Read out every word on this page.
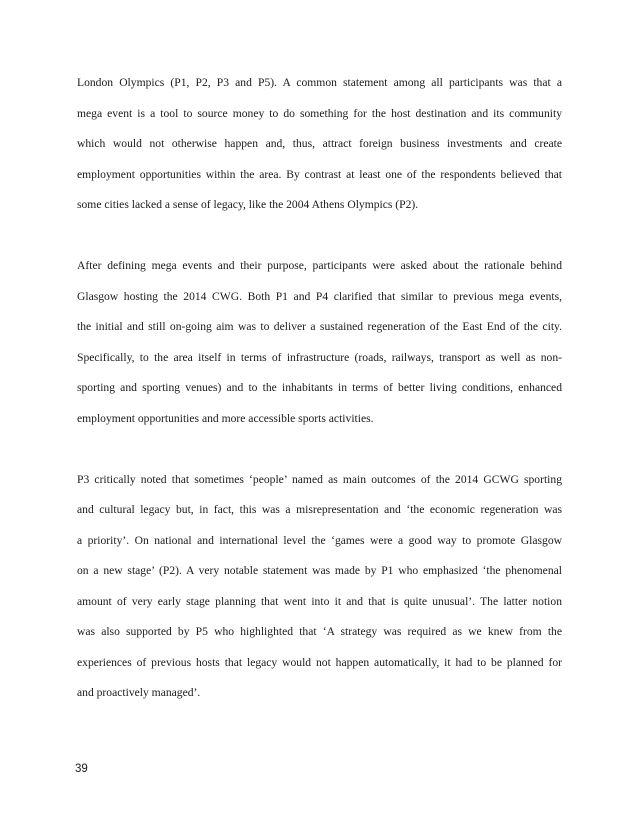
London Olympics (P1, P2, P3 and P5). A common statement among all participants was that a
mega event is a tool to source money to do something for the host destination and its community
which would not otherwise happen and, thus, attract foreign business investments and create
employment opportunities within the area. By contrast at least one of the respondents believed that
some cities lacked a sense of legacy, like the 2004 Athens Olympics (P2).
After defining mega events and their purpose, participants were asked about the rationale behind
Glasgow hosting the 2014 CWG. Both P1 and P4 clarified that similar to previous mega events,
the initial and still on-going aim was to deliver a sustained regeneration of the East End of the city.
Specifically, to the area itself in terms of infrastructure (roads, railways, transport as well as non-
sporting and sporting venues) and to the inhabitants in terms of better living conditions, enhanced
employment opportunities and more accessible sports activities.
P3 critically noted that sometimes ‘people’ named as main outcomes of the 2014 GCWG sporting
and cultural legacy but, in fact, this was a misrepresentation and ‘the economic regeneration was
a priority’. On national and international level the ‘games were a good way to promote Glasgow
on a new stage’ (P2). A very notable statement was made by P1 who emphasized ‘the phenomenal
amount of very early stage planning that went into it and that is quite unusual’. The latter notion
was also supported by P5 who highlighted that ‘A strategy was required as we knew from the
experiences of previous hosts that legacy would not happen automatically, it had to be planned for
and proactively managed’.
39
